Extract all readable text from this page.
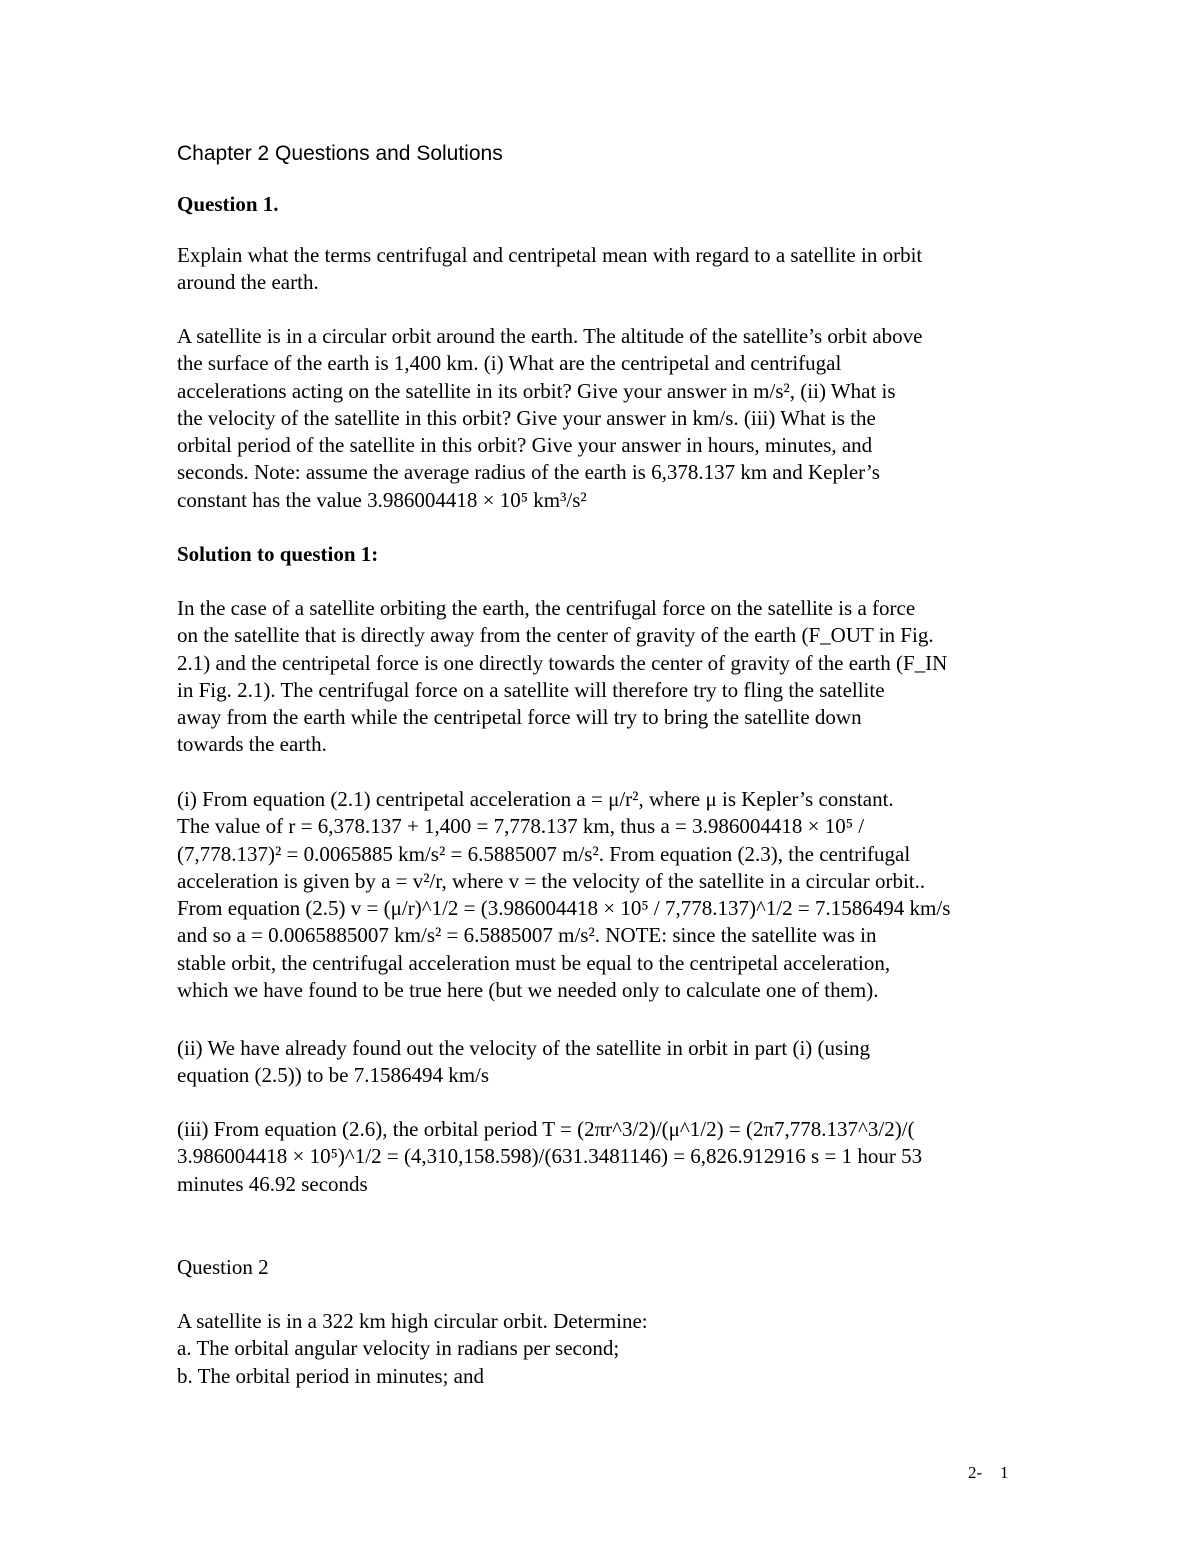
Chapter 2 Questions and Solutions
Question 1.
Explain what the terms centrifugal and centripetal mean with regard to a satellite in orbit
around the earth.
A satellite is in a circular orbit around the earth. The altitude of the satellite’s orbit above
the surface of the earth is 1,400 km. (i) What are the centripetal and centrifugal
accelerations acting on the satellite in its orbit? Give your answer in m/s², (ii) What is
the velocity of the satellite in this orbit? Give your answer in km/s. (iii) What is the
orbital period of the satellite in this orbit? Give your answer in hours, minutes, and
seconds. Note: assume the average radius of the earth is 6,378.137 km and Kepler’s
constant has the value 3.986004418 × 10⁵ km³/s²
Solution to question 1:
In the case of a satellite orbiting the earth, the centrifugal force on the satellite is a force
on the satellite that is directly away from the center of gravity of the earth (F_OUT in Fig.
2.1) and the centripetal force is one directly towards the center of gravity of the earth (F_IN
in Fig. 2.1). The centrifugal force on a satellite will therefore try to fling the satellite
away from the earth while the centripetal force will try to bring the satellite down
towards the earth.
(i) From equation (2.1) centripetal acceleration a = μ/r², where μ is Kepler’s constant.
The value of r = 6,378.137 + 1,400 = 7,778.137 km, thus a = 3.986004418 × 10⁵ /
(7,778.137)² = 0.0065885 km/s² = 6.5885007 m/s². From equation (2.3), the centrifugal
acceleration is given by a = v²/r, where v = the velocity of the satellite in a circular orbit..
From equation (2.5) v = (μ/r)^1/2 = (3.986004418 × 10⁵ / 7,778.137)^1/2 = 7.1586494 km/s
and so a = 0.0065885007 km/s² = 6.5885007 m/s². NOTE: since the satellite was in
stable orbit, the centrifugal acceleration must be equal to the centripetal acceleration,
which we have found to be true here (but we needed only to calculate one of them).
(ii) We have already found out the velocity of the satellite in orbit in part (i) (using
equation (2.5)) to be 7.1586494 km/s
(iii) From equation (2.6), the orbital period T = (2πr^3/2)/(μ^1/2) = (2π7,778.137^3/2)/(
3.986004418 × 10⁵)^1/2 = (4,310,158.598)/(631.3481146) = 6,826.912916 s = 1 hour 53
minutes 46.92 seconds
Question 2
A satellite is in a 322 km high circular orbit. Determine:
a. The orbital angular velocity in radians per second;
b. The orbital period in minutes; and
2- 1
